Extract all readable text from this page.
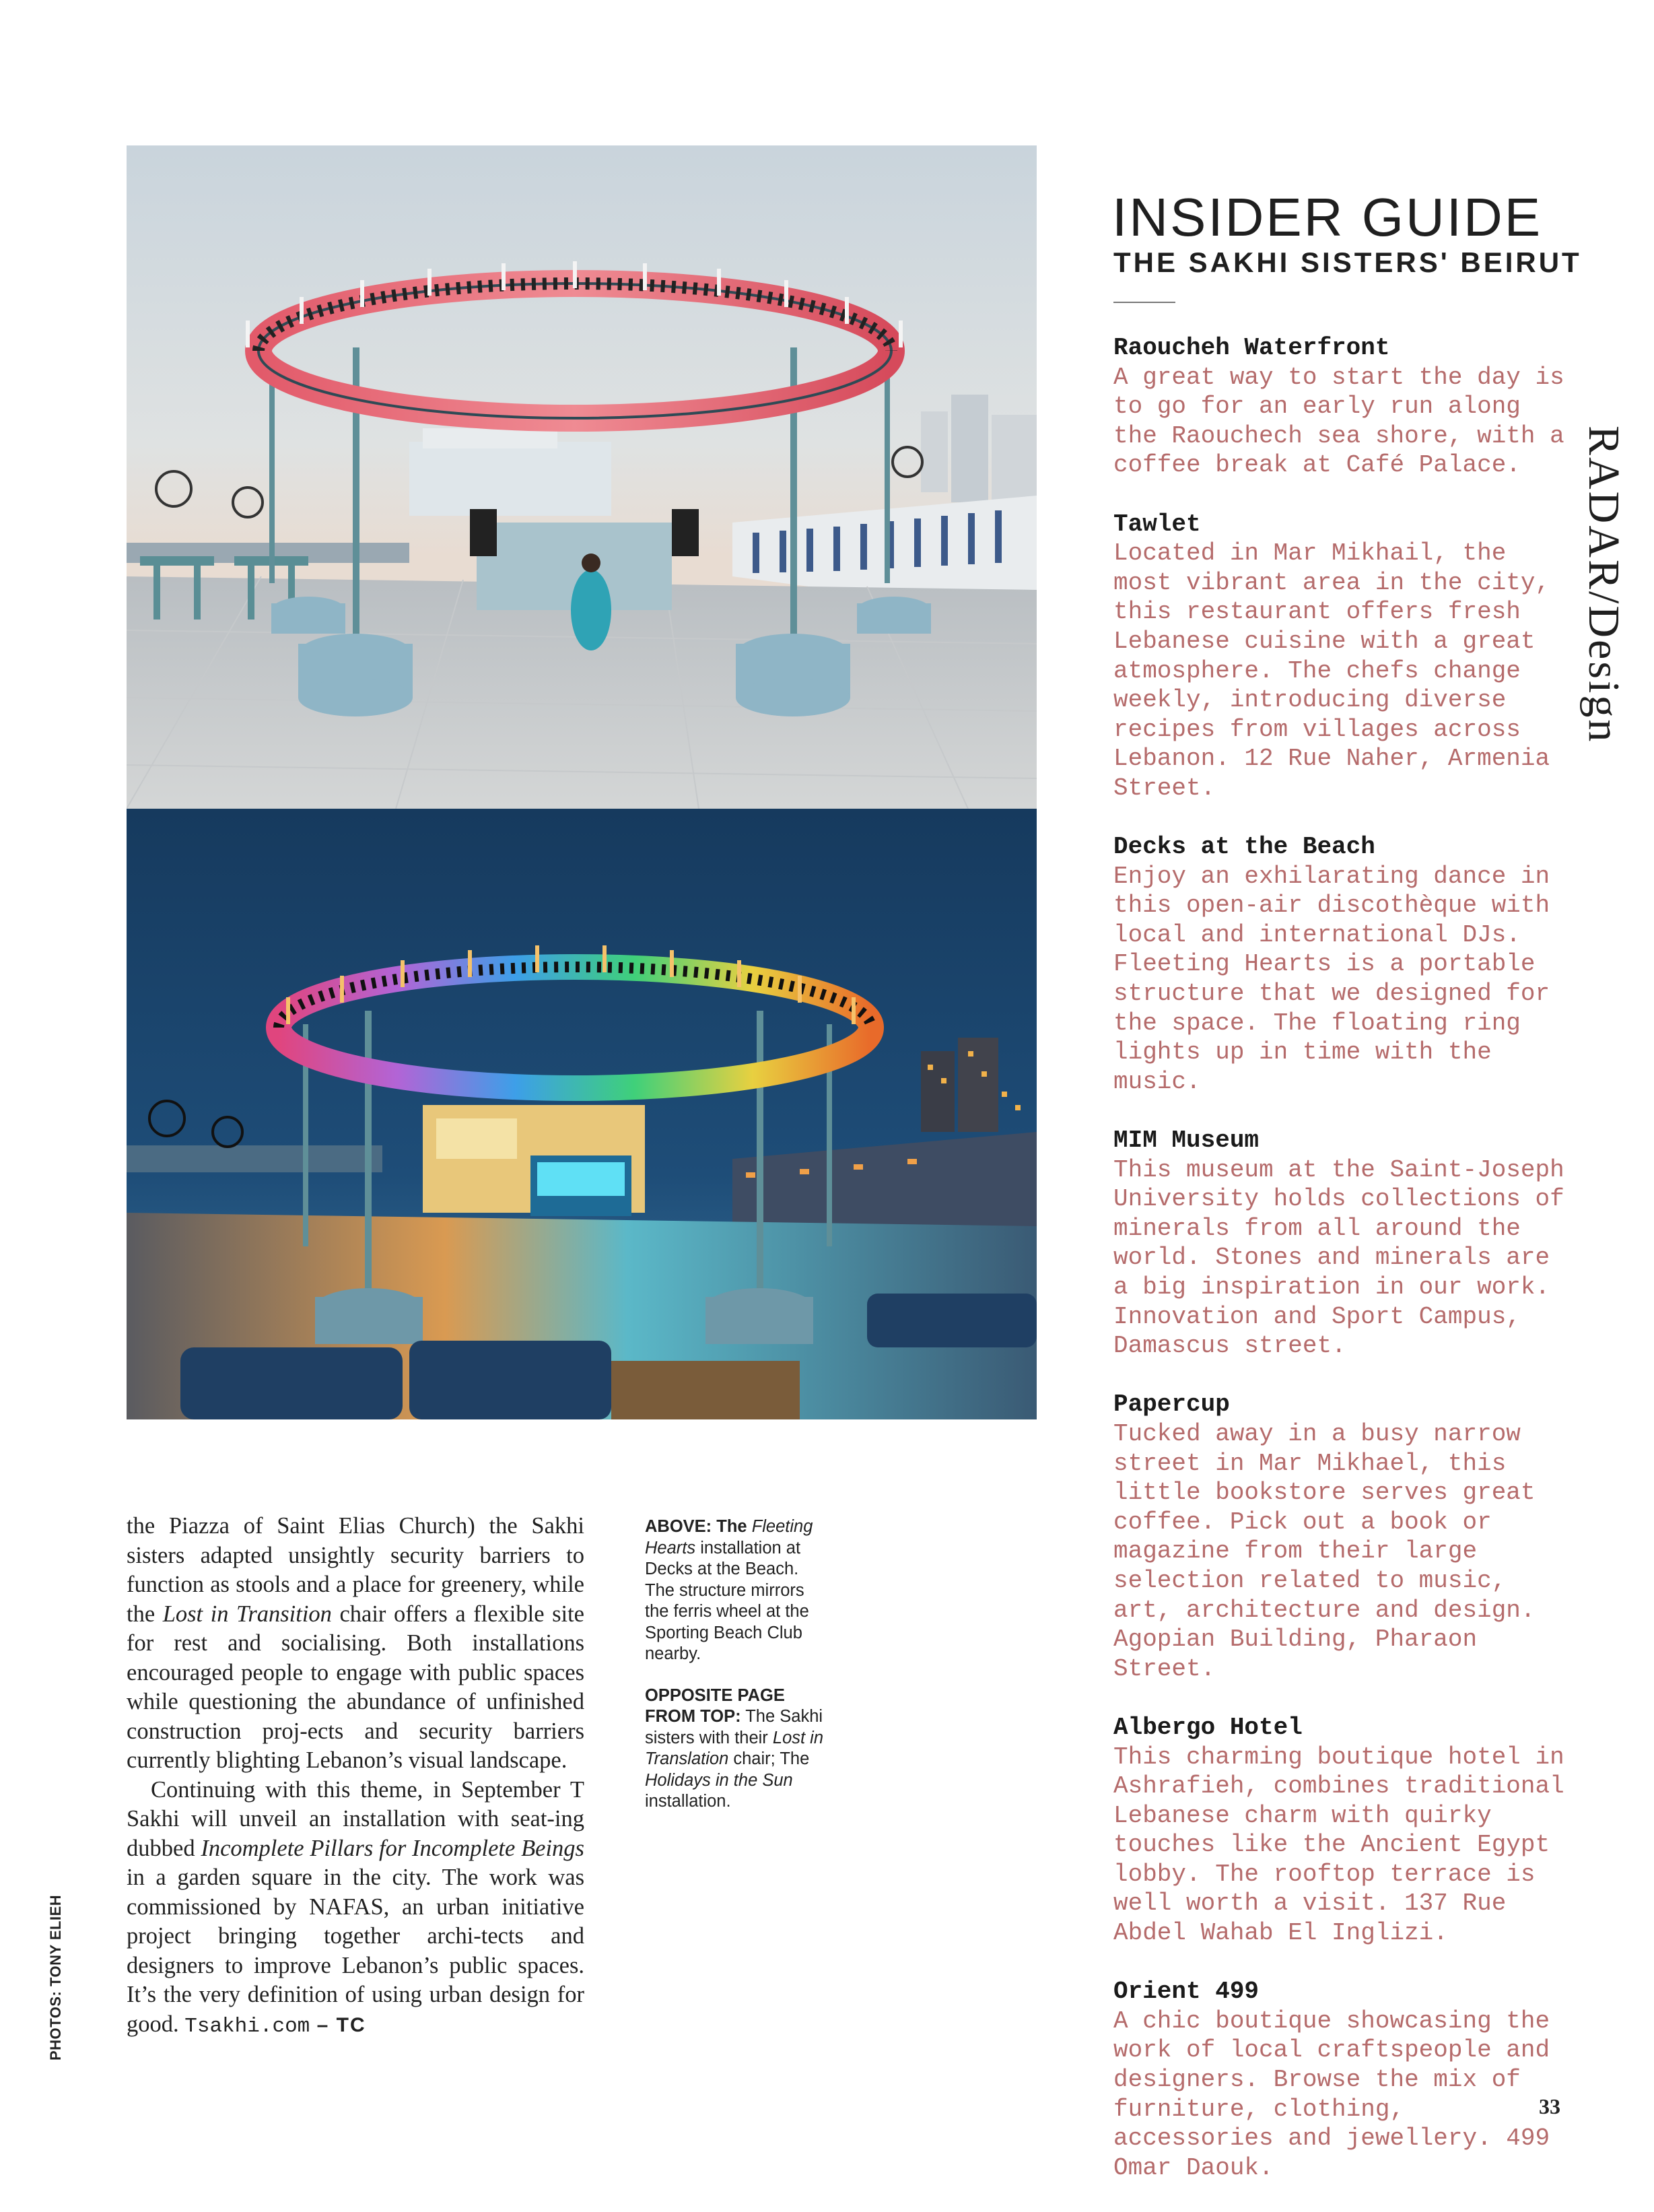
the Piazza of Saint Elias Church) the Sakhi sisters adapted unsightly security barriers to function as stools and a place for greenery, while the Lost in Transition chair offers a flexible site for rest and socialising. Both installations encouraged people to engage with public spaces while questioning the abundance of unfinished construction proj-ects and security barriers currently blighting Lebanon’s visual landscape.

Continuing with this theme, in September T Sakhi will unveil an installation with seat-ing dubbed Incomplete Pillars for Incomplete Beings in a garden square in the city. The work was commissioned by NAFAS, an urban initiative project bringing together archi-tects and designers to improve Lebanon’s public spaces. It’s the very definition of using urban design for good. Tsakhi.com – TC

ABOVE: The Fleeting Hearts installation at Decks at the Beach. The structure mirrors the ferris wheel at the Sporting Beach Club nearby.

OPPOSITE PAGE FROM TOP: The Sakhi sisters with their Lost in Translation chair; The Holidays in the Sun installation.

PHOTOS: TONY ELIEH
INSIDER GUIDE
THE SAKHI SISTERS' BEIRUT
Raoucheh Waterfront
A great way to start the day is to go for an early run along the Raouchech sea shore, with a coffee break at Café Palace.
Tawlet
Located in Mar Mikhail, the most vibrant area in the city, this restaurant offers fresh Lebanese cuisine with a great atmosphere. The chefs change weekly, introducing diverse recipes from villages across Lebanon. 12 Rue Naher, Armenia Street.
Decks at the Beach
Enjoy an exhilarating dance in this open-air discothèque with local and international DJs. Fleeting Hearts is a portable structure that we designed for the space. The floating ring lights up in time with the music.
MIM Museum
This museum at the Saint-Joseph University holds collections of minerals from all around the world. Stones and minerals are a big inspiration in our work. Innovation and Sport Campus, Damascus street.
Papercup
Tucked away in a busy narrow street in Mar Mikhael, this little bookstore serves great coffee. Pick out a book or magazine from their large selection related to music, art, architecture and design. Agopian Building, Pharaon Street.
Albergo Hotel
This charming boutique hotel in Ashrafieh, combines traditional Lebanese charm with quirky touches like the Ancient Egypt lobby. The rooftop terrace is well worth a visit. 137 Rue Abdel Wahab El Inglizi.
Orient 499
A chic boutique showcasing the work of local craftspeople and designers. Browse the mix of furniture, clothing, accessories and jewellery. 499 Omar Daouk.
RADAR/Design
33
